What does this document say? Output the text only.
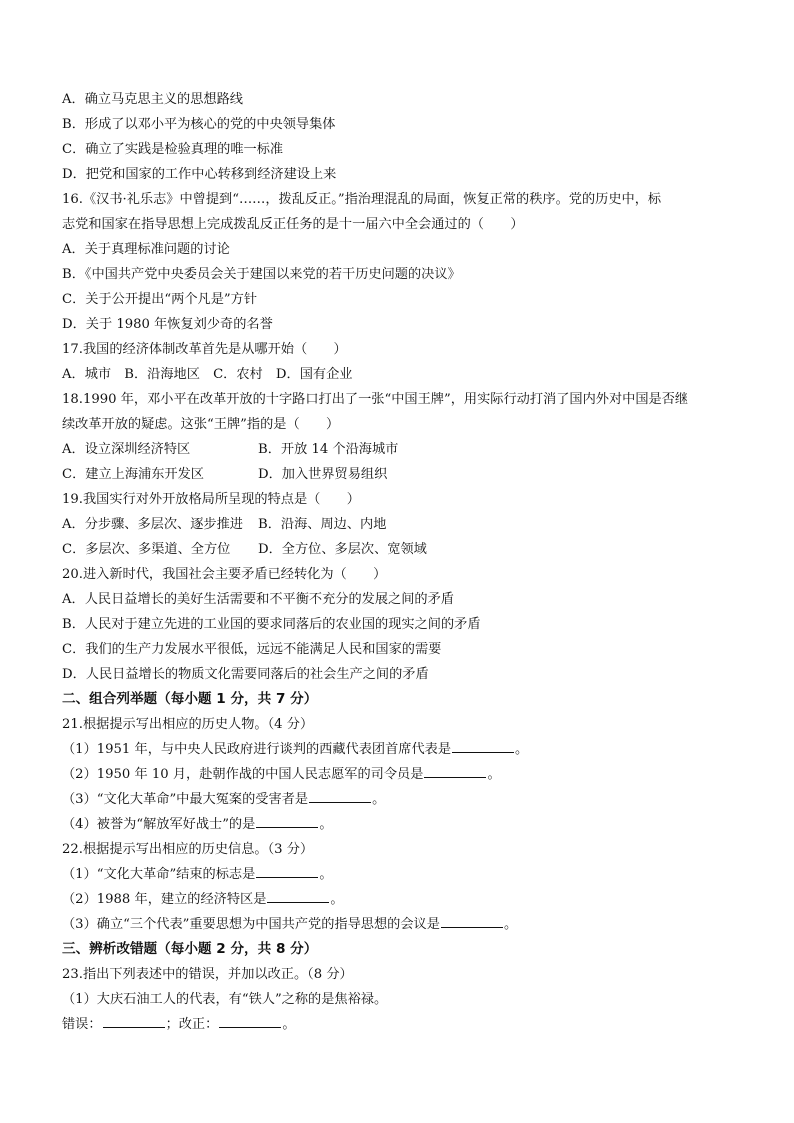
A．确立马克思主义的思想路线
B．形成了以邓小平为核心的党的中央领导集体
C．确立了实践是检验真理的唯一标准
D．把党和国家的工作中心转移到经济建设上来
16.《汉书·礼乐志》中曾提到“……，拨乱反正。”指治理混乱的局面，恢复正常的秩序。党的历史中，标
志党和国家在指导思想上完成拨乱反正任务的是十一届六中全会通过的（　　）
A．关于真理标准问题的讨论
B．《中国共产党中央委员会关于建国以来党的若干历史问题的决议》
C．关于公开提出“两个凡是”方针
D．关于 1980 年恢复刘少奇的名誉
17.我国的经济体制改革首先是从哪开始（　　）
A．城市　B．沿海地区　C．农村　D．国有企业
18.1990 年，邓小平在改革开放的十字路口打出了一张“中国王牌”，用实际行动打消了国内外对中国是否继
续改革开放的疑虑。这张“王牌”指的是（　　）
A．设立深圳经济特区	B．开放 14 个沿海城市
C．建立上海浦东开发区	D．加入世界贸易组织
19.我国实行对外开放格局所呈现的特点是（　　）
A．分步骤、多层次、逐步推进 B．沿海、周边、内地
C．多层次、多渠道、全方位 D．全方位、多层次、宽领域
20.进入新时代，我国社会主要矛盾已经转化为（　　）
A．人民日益增长的美好生活需要和不平衡不充分的发展之间的矛盾
B．人民对于建立先进的工业国的要求同落后的农业国的现实之间的矛盾
C．我们的生产力发展水平很低，远远不能满足人民和国家的需要
D．人民日益增长的物质文化需要同落后的社会生产之间的矛盾
二、组合列举题（每小题 1 分，共 7 分）
21.根据提示写出相应的历史人物。（4 分）
（1）1951 年，与中央人民政府进行谈判的西藏代表团首席代表是	。
（2）1950 年 10 月，赴朝作战的中国人民志愿军的司令员是	。
（3）“文化大革命”中最大冤案的受害者是	。
（4）被誉为“解放军好战士”的是	。
22.根据提示写出相应的历史信息。（3 分）
（1）“文化大革命”结束的标志是	。
（2）1988 年，建立的经济特区是	。
（3）确立“三个代表”重要思想为中国共产党的指导思想的会议是	。
三、辨析改错题（每小题 2 分，共 8 分）
23.指出下列表述中的错误，并加以改正。（8 分）
（1）大庆石油工人的代表，有“铁人”之称的是焦裕禄。
错误：	；改正：	。
